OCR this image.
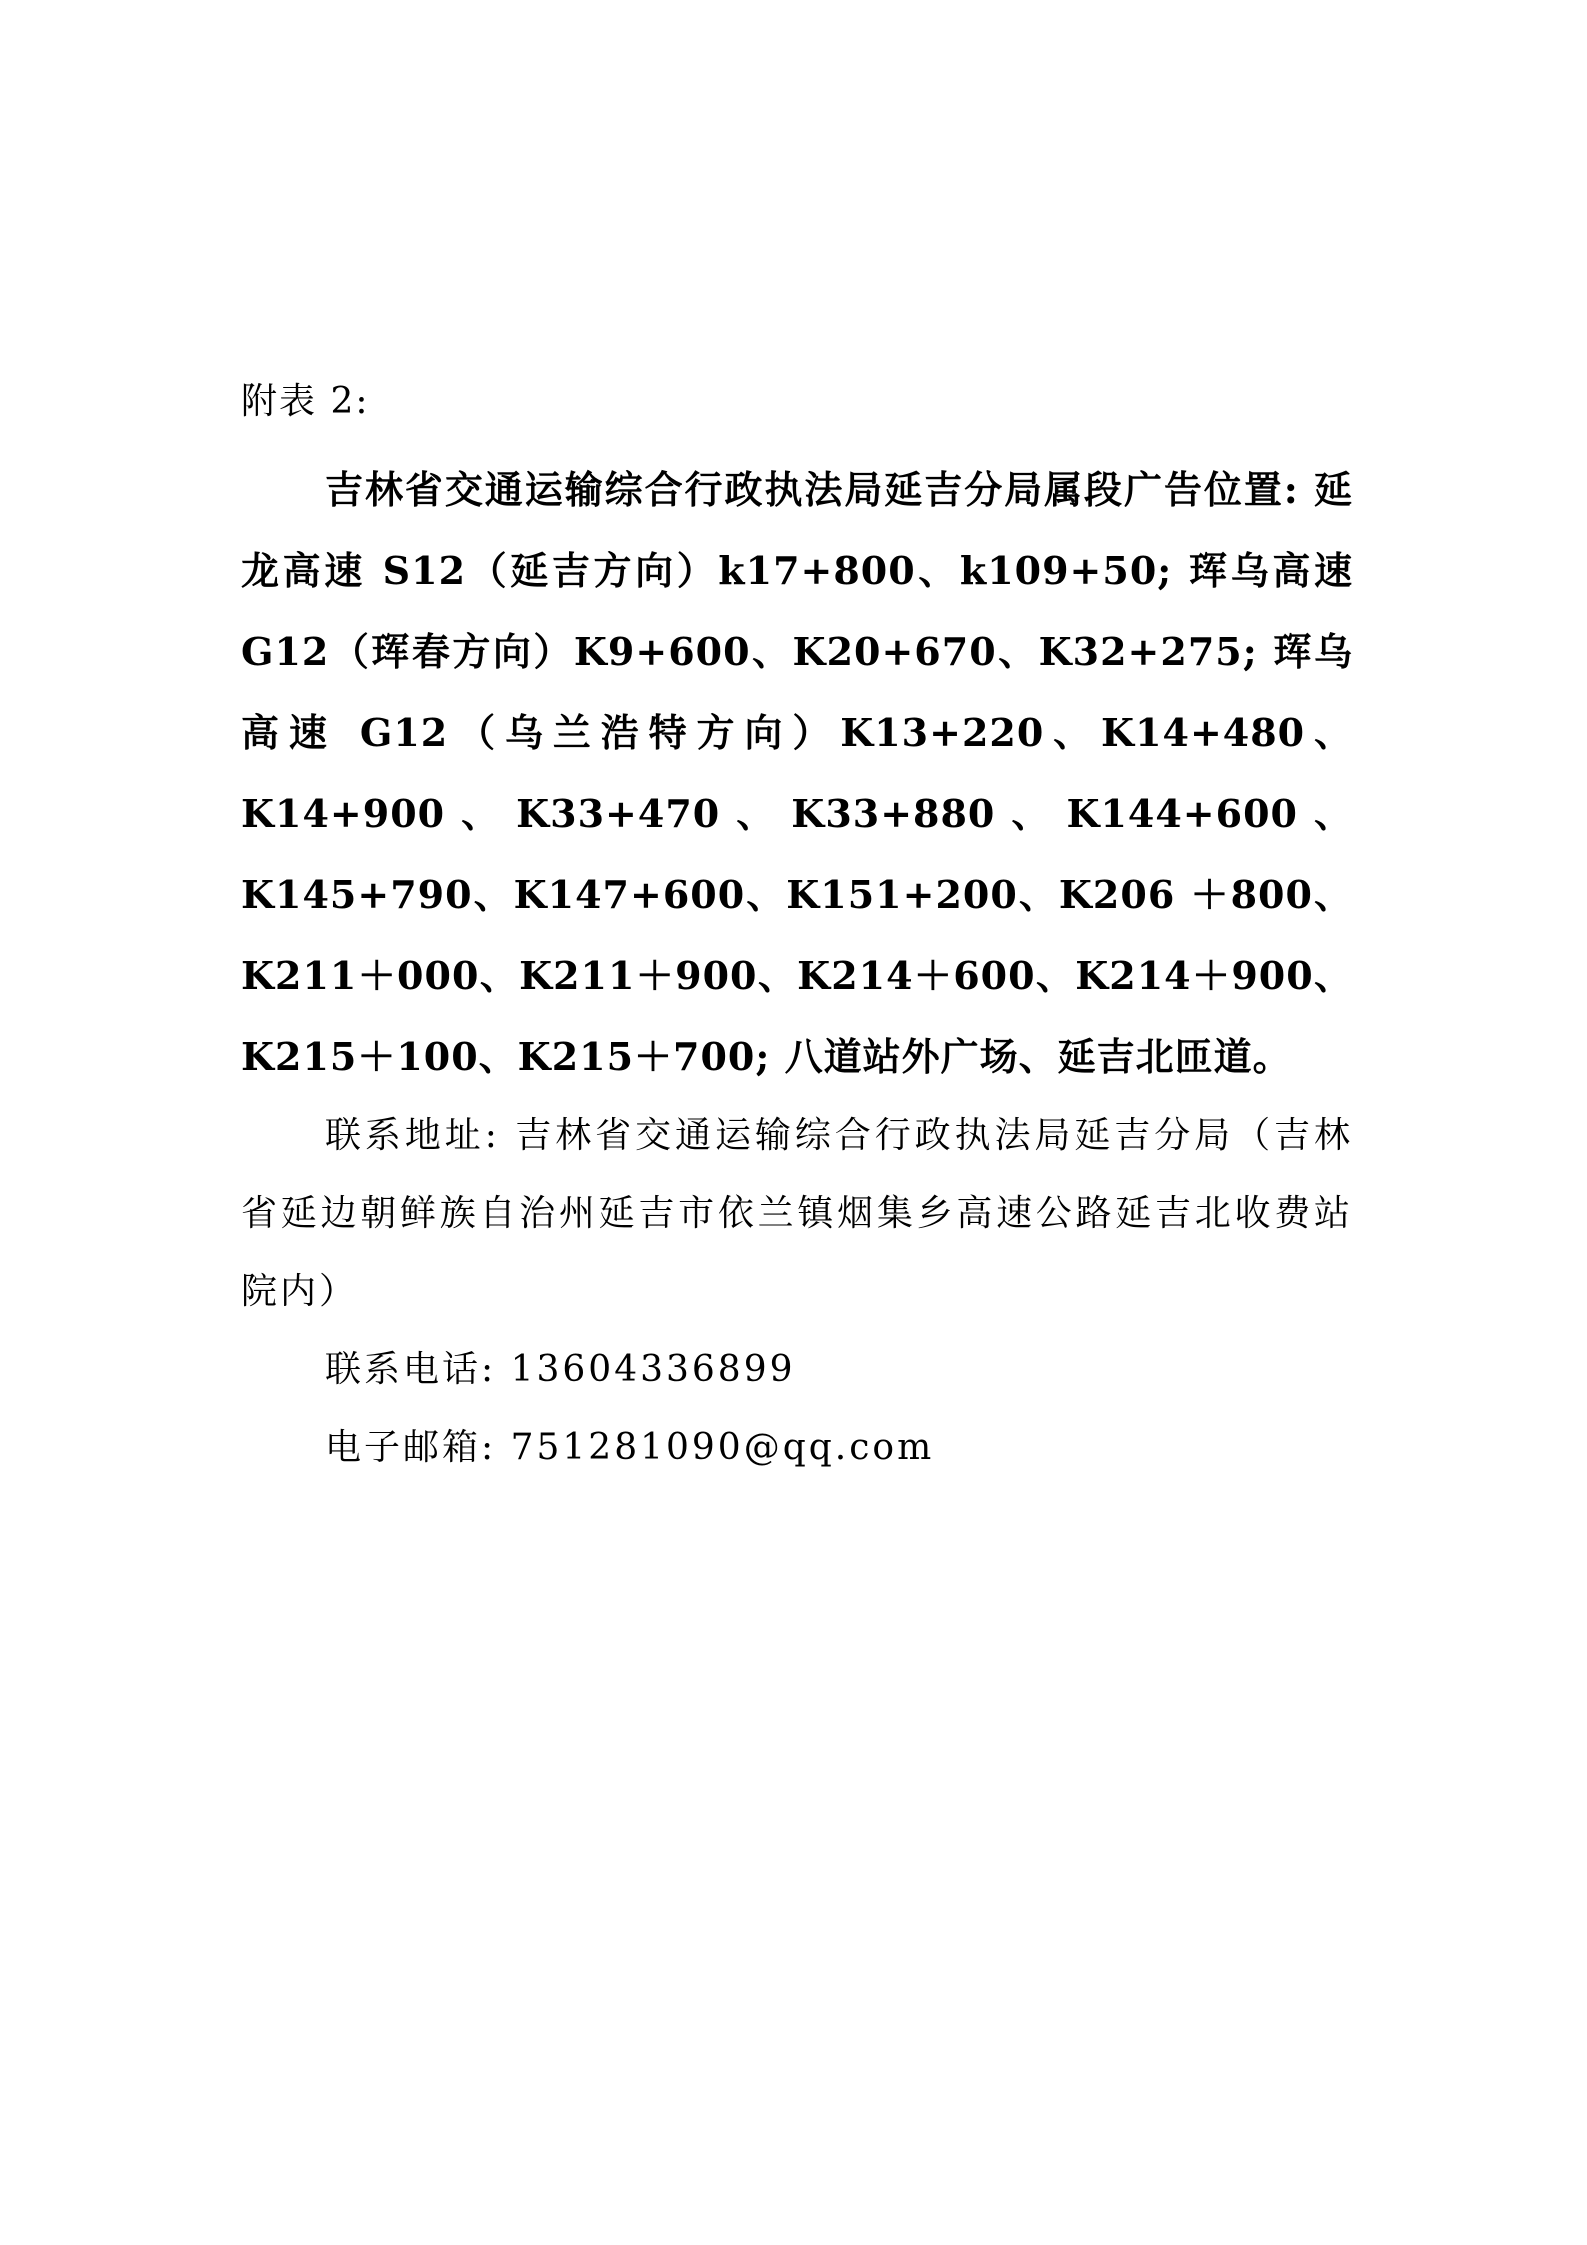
附表 2:

吉林省交通运输综合行政执法局延吉分局属段广告位置: 延龙高速 S12（延吉方向）k17+800、k109+50; 珲乌高速 G12（珲春方向）K9+600、K20+670、K32+275; 珲乌高速 G12（乌兰浩特方向）K13+220、K14+480、K14+900、K33+470、K33+880、K144+600、K145+790、K147+600、K151+200、K206 ＋800、K211＋000、K211＋900、K214＋600、K214＋900、K215＋100、K215＋700; 八道站外广场、延吉北匝道。

联系地址: 吉林省交通运输综合行政执法局延吉分局（吉林省延边朝鲜族自治州延吉市依兰镇烟集乡高速公路延吉北收费站院内）

联系电话: 13604336899

电子邮箱: 751281090@qq.com
